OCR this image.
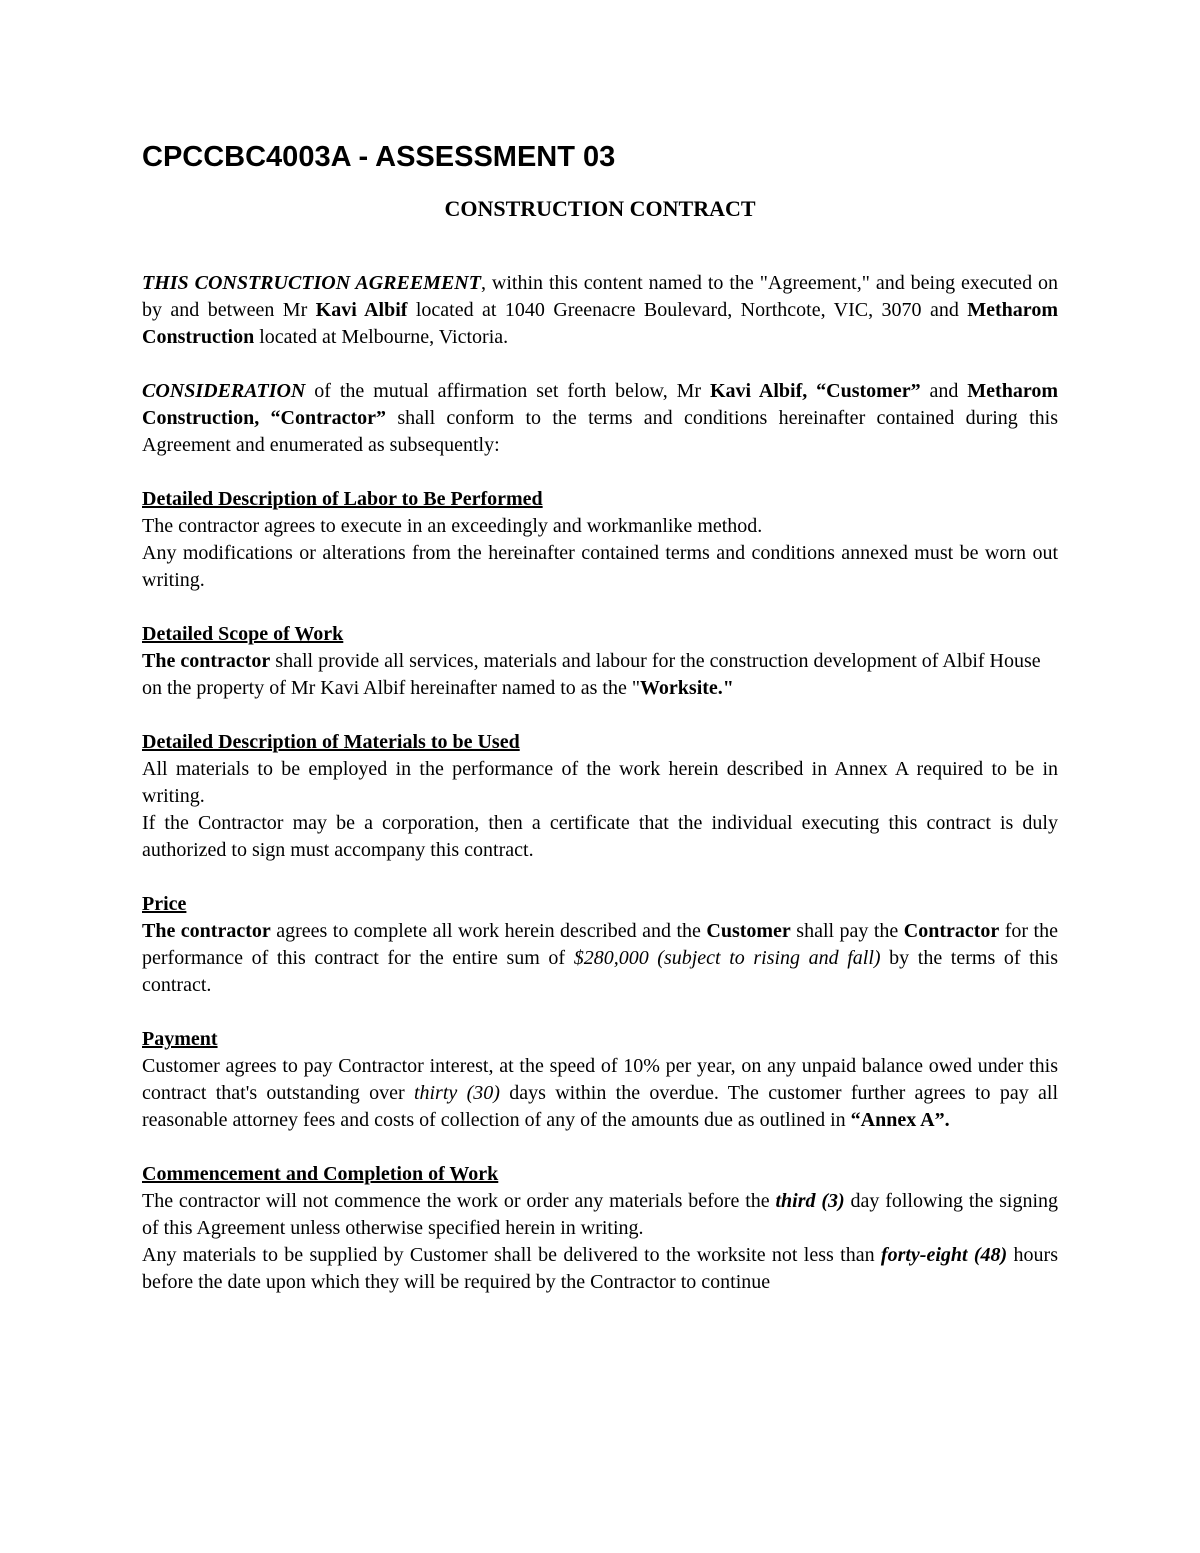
CPCCBC4003A - ASSESSMENT 03
CONSTRUCTION CONTRACT

THIS CONSTRUCTION AGREEMENT, within this content named to the "Agreement," and being executed on by and between Mr Kavi Albif located at 1040 Greenacre Boulevard, Northcote, VIC, 3070 and Metharom Construction located at Melbourne, Victoria.

CONSIDERATION of the mutual affirmation set forth below, Mr Kavi Albif, “Customer” and Metharom Construction, “Contractor” shall conform to the terms and conditions hereinafter contained during this Agreement and enumerated as subsequently:

Detailed Description of Labor to Be Performed
The contractor agrees to execute in an exceedingly and workmanlike method.
Any modifications or alterations from the hereinafter contained terms and conditions annexed must be worn out writing.

Detailed Scope of Work
The contractor shall provide all services, materials and labour for the construction development of Albif House
on the property of Mr Kavi Albif hereinafter named to as the "Worksite."

Detailed Description of Materials to be Used
All materials to be employed in the performance of the work herein described in Annex A required to be in writing.
If the Contractor may be a corporation, then a certificate that the individual executing this contract is duly authorized to sign must accompany this contract.

Price
The contractor agrees to complete all work herein described and the Customer shall pay the Contractor for the performance of this contract for the entire sum of $280,000 (subject to rising and fall) by the terms of this contract.

Payment
Customer agrees to pay Contractor interest, at the speed of 10% per year, on any unpaid balance owed under this contract that's outstanding over thirty (30) days within the overdue. The customer further agrees to pay all reasonable attorney fees and costs of collection of any of the amounts due as outlined in “Annex A”.

Commencement and Completion of Work
The contractor will not commence the work or order any materials before the third (3) day following the signing of this Agreement unless otherwise specified herein in writing.
Any materials to be supplied by Customer shall be delivered to the worksite not less than forty-eight (48) hours before the date upon which they will be required by the Contractor to continue
